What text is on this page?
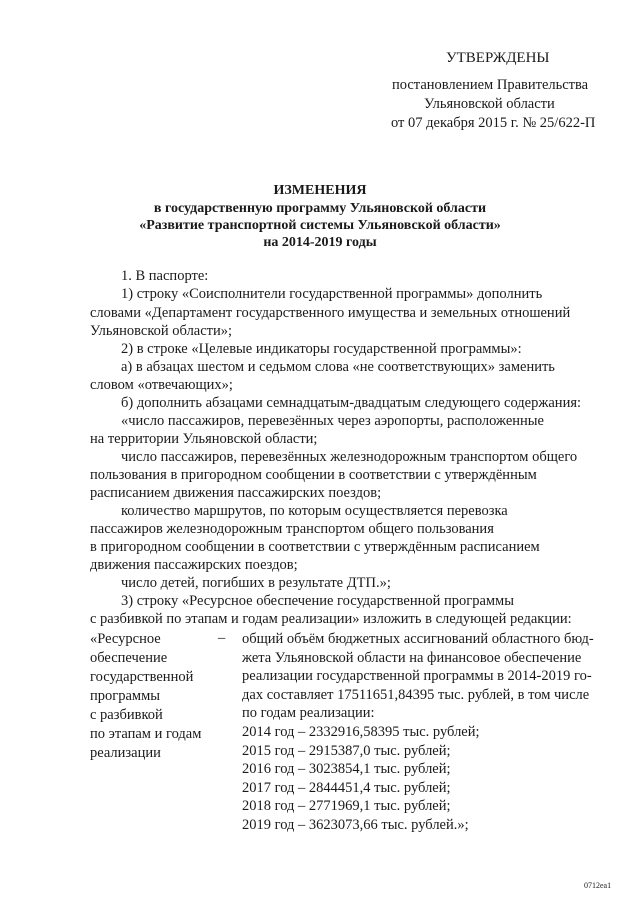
УТВЕРЖДЕНЫ
постановлением Правительства
Ульяновской области
от 07 декабря 2015 г. № 25/622-П
ИЗМЕНЕНИЯ
в государственную программу Ульяновской области
«Развитие транспортной системы Ульяновской области»
на 2014-2019 годы
1. В паспорте:
1) строку «Соисполнители государственной программы» дополнить
словами «Департамент государственного имущества и земельных отношений
Ульяновской области»;
2) в строке «Целевые индикаторы государственной программы»:
а) в абзацах шестом и седьмом слова «не соответствующих» заменить
словом «отвечающих»;
б) дополнить абзацами семнадцатым-двадцатым следующего содержания:
«число пассажиров, перевезённых через аэропорты, расположенные
на территории Ульяновской области;
число пассажиров, перевезённых железнодорожным транспортом общего
пользования в пригородном сообщении в соответствии с утверждённым
расписанием движения пассажирских поездов;
количество маршрутов, по которым осуществляется перевозка
пассажиров железнодорожным транспортом общего пользования
в пригородном сообщении в соответствии с утверждённым расписанием
движения пассажирских поездов;
число детей, погибших в результате ДТП.»;
3) строку «Ресурсное обеспечение государственной программы
с разбивкой по этапам и годам реализации» изложить в следующей редакции:
«Ресурсное
обеспечение
государственной
программы
с разбивкой
по этапам и годам
реализации
– общий объём бюджетных ассигнований областного бюд-
жета Ульяновской области на финансовое обеспечение
реализации государственной программы в 2014-2019 го-
дах составляет 17511651,84395 тыс. рублей, в том числе
по годам реализации:
2014 год – 2332916,58395 тыс. рублей;
2015 год – 2915387,0 тыс. рублей;
2016 год – 3023854,1 тыс. рублей;
2017 год – 2844451,4 тыс. рублей;
2018 год – 2771969,1 тыс. рублей;
2019 год – 3623073,66 тыс. рублей.»;
0712ea1
